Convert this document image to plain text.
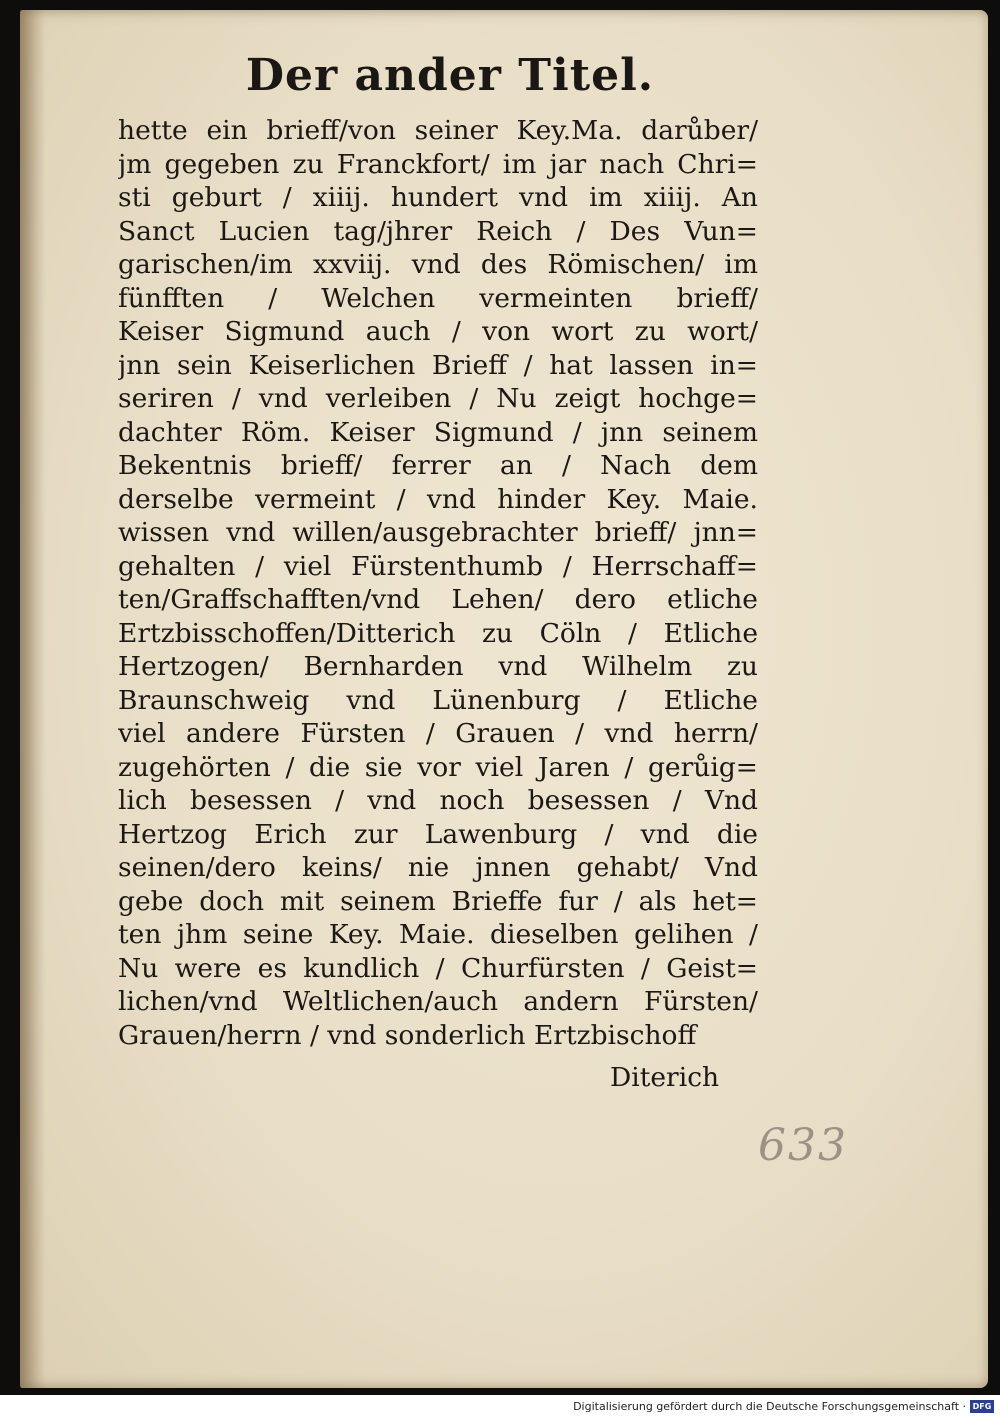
Der ander Titel.
hette ein brieff/von seiner Key.Ma. darůber/
jm gegeben zu Franckfort/ im jar nach Chri=
sti geburt / xiiij. hundert vnd im xiiij. An
Sanct Lucien tag/jhrer Reich / Des Vun=
garischen/im xxviij. vnd des Römischen/ im
fünfften / Welchen vermeinten brieff/
Keiser Sigmund auch / von wort zu wort/
jnn sein Keiserlichen Brieff / hat lassen in=
seriren / vnd verleiben / Nu zeigt hochge=
dachter Röm. Keiser Sigmund / jnn seinem
Bekentnis brieff/ ferrer an / Nach dem
derselbe vermeint / vnd hinder Key. Maie.
wissen vnd willen/ausgebrachter brieff/ jnn=
gehalten / viel Fürstenthumb / Herrschaff=
ten/Graffschafften/vnd Lehen/ dero etliche
Ertzbisschoffen/Ditterich zu Cöln / Etliche
Hertzogen/ Bernharden vnd Wilhelm zu
Braunschweig vnd Lünenburg / Etliche
viel andere Fürsten / Grauen / vnd herrn/
zugehörten / die sie vor viel Jaren / gerůig=
lich besessen / vnd noch besessen / Vnd
Hertzog Erich zur Lawenburg / vnd die
seinen/dero keins/ nie jnnen gehabt/ Vnd
gebe doch mit seinem Brieffe fur / als het=
ten jhm seine Key. Maie. dieselben gelihen /
Nu were es kundlich / Churfürsten / Geist=
lichen/vnd Weltlichen/auch andern Fürsten/
Grauen/herrn / vnd sonderlich Ertzbischoff
Diterich
633
Digitalisierung gefördert durch die Deutsche Forschungsgemeinschaft · DFG
